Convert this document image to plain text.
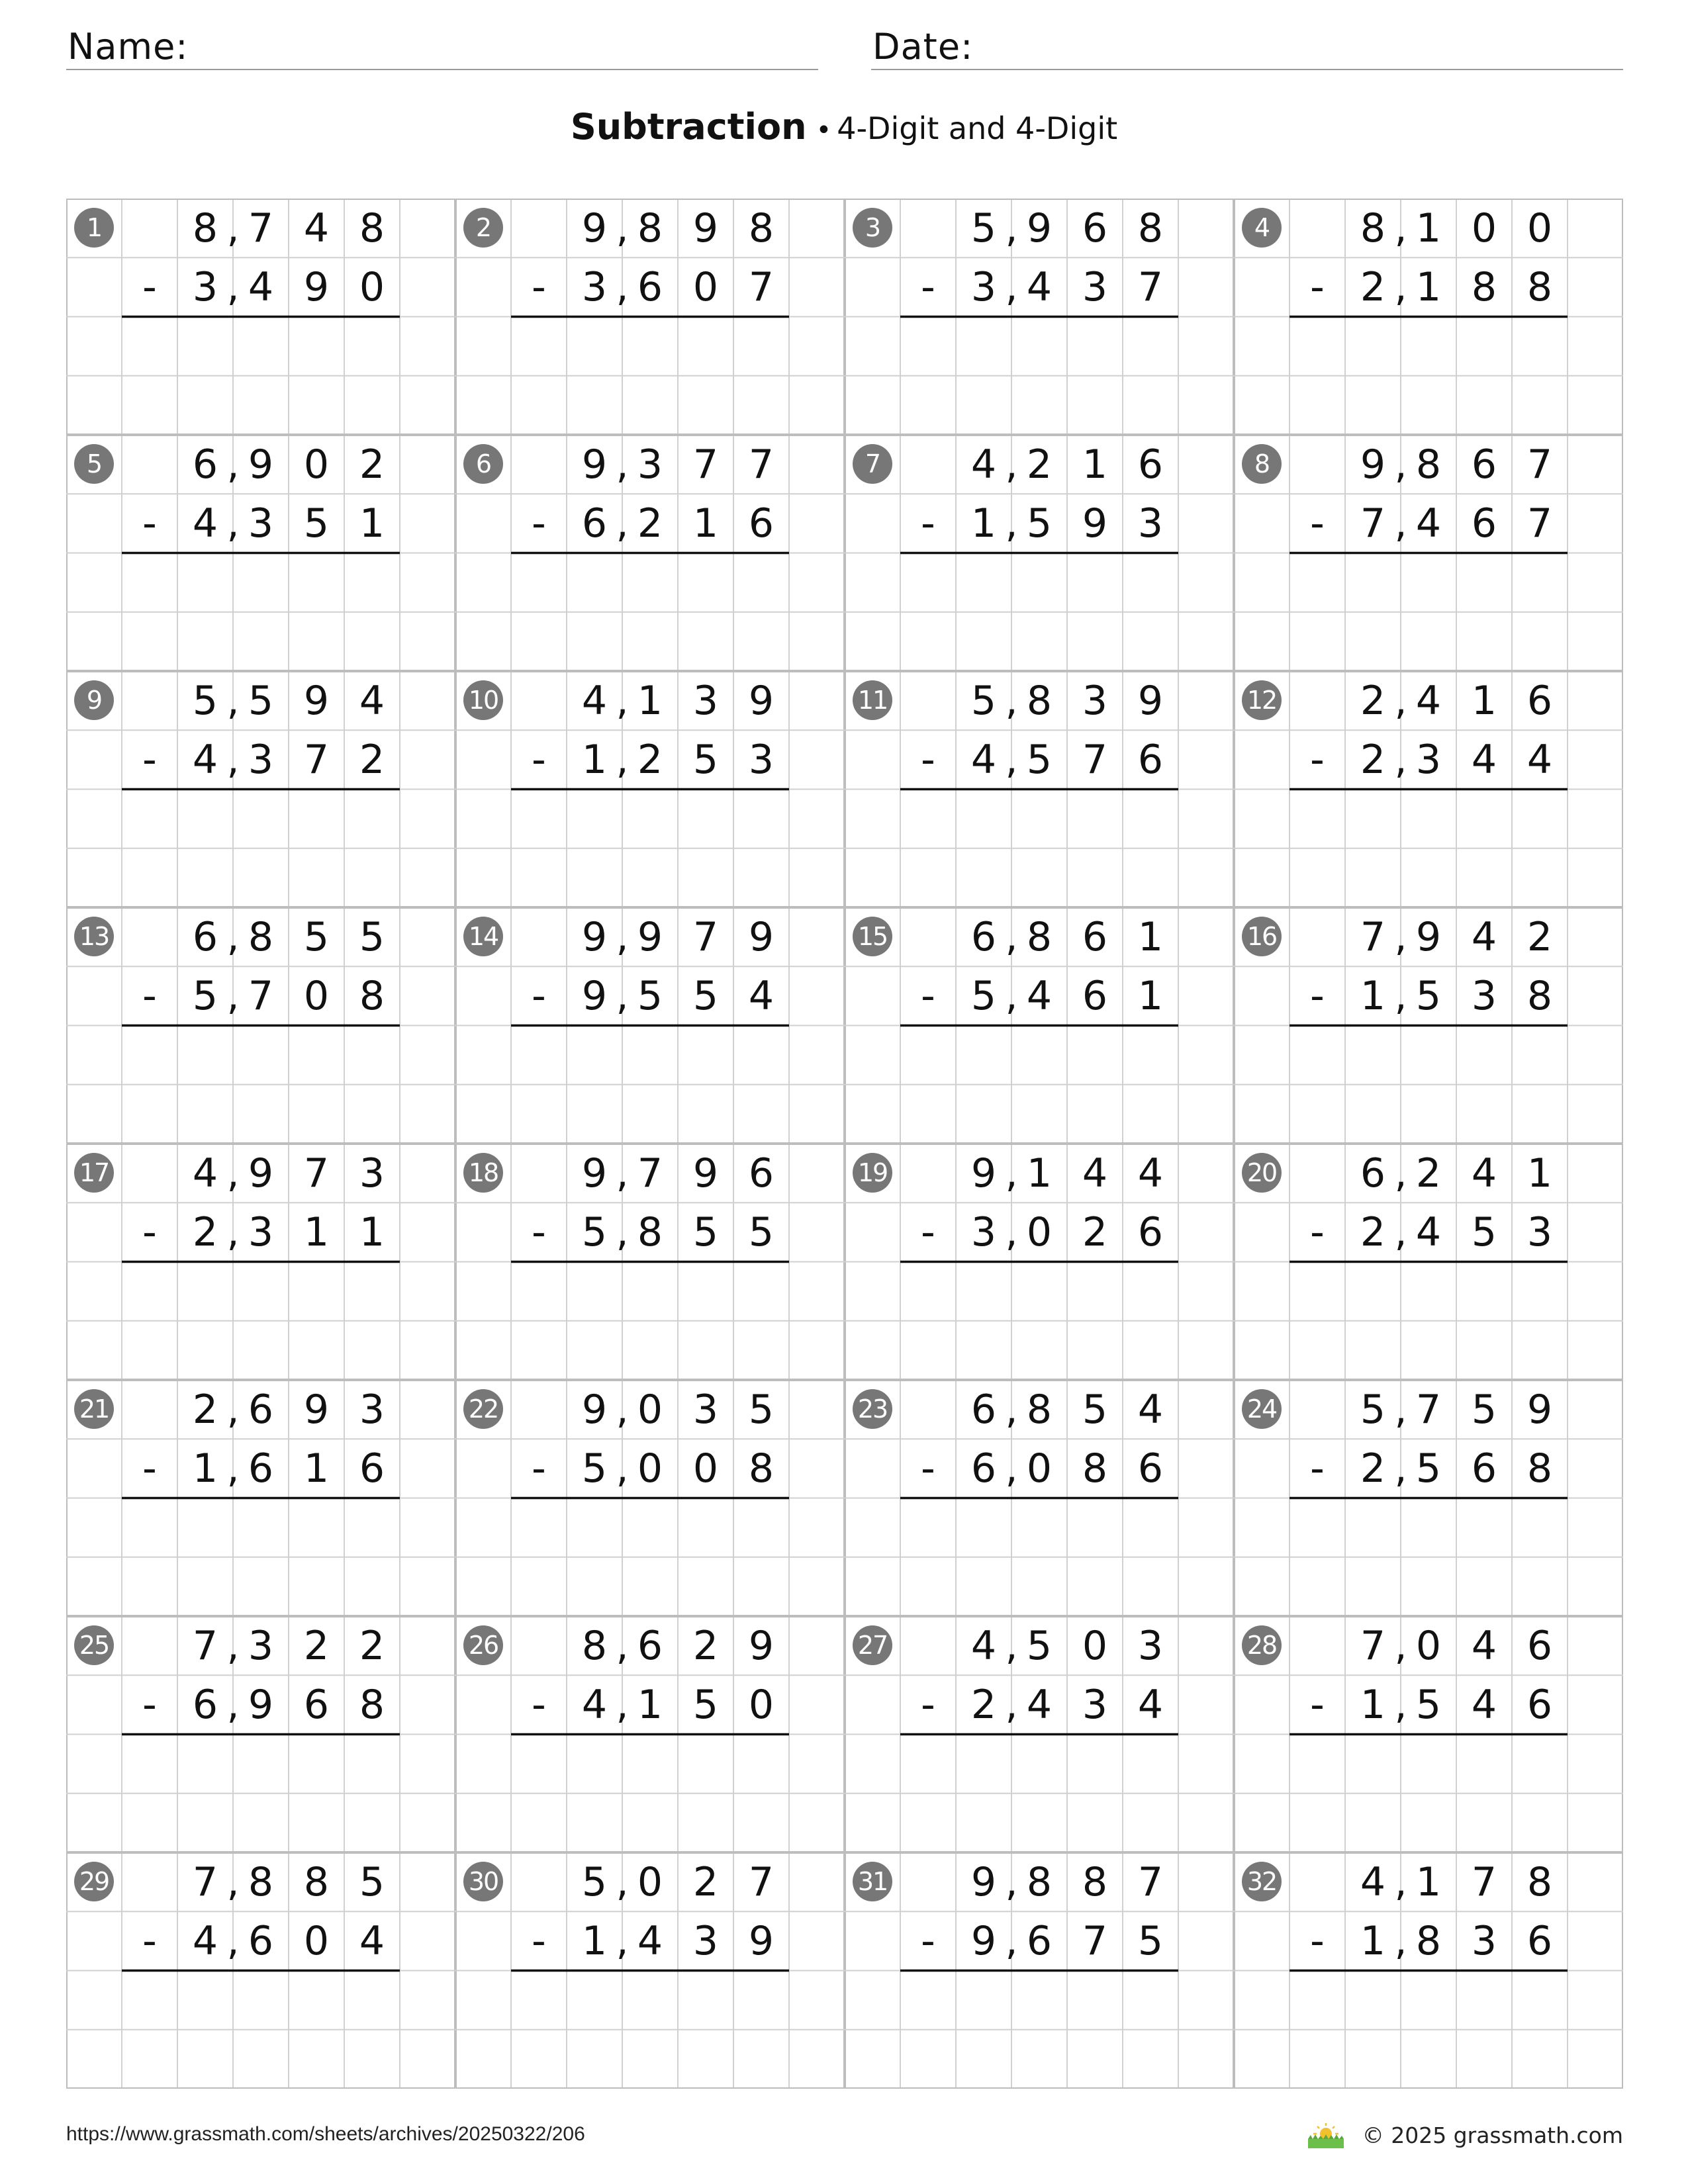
Name:	Date:
Subtraction • 4-Digit and 4-Digit
1	8 , 7 4 8
3 , 4 9 0
-
2	9 , 8 9 8
3 , 6 0 7
-
3	5 , 9 6 8
3 , 4 3 7
-
4	8 , 1 0 0
2 , 1 8 8
-
5	6 , 9 0 2
4 , 3 5 1
-
6	9 , 3 7 7
6 , 2 1 6
-
7	4 , 2 1 6
1 , 5 9 3
-
8	9 , 8 6 7
7 , 4 6 7
-
9	5 , 5 9 4
4 , 3 7 2
-
10	4 , 1 3 9
1 , 2 5 3
-
11	5 , 8 3 9
4 , 5 7 6
-
12	2 , 4 1 6
2 , 3 4 4
-
13	6 , 8 5 5
5 , 7 0 8
-
14	9 , 9 7 9
9 , 5 5 4
-
15	6 , 8 6 1
5 , 4 6 1
-
16	7 , 9 4 2
1 , 5 3 8
-
17	4 , 9 7 3
2 , 3 1 1
-
18	9 , 7 9 6
5 , 8 5 5
-
19	9 , 1 4 4
3 , 0 2 6
-
20	6 , 2 4 1
2 , 4 5 3
-
21	2 , 6 9 3
1 , 6 1 6
-
22	9 , 0 3 5
5 , 0 0 8
-
23	6 , 8 5 4
6 , 0 8 6
-
24	5 , 7 5 9
2 , 5 6 8
-
25	7 , 3 2 2
6 , 9 6 8
-
26	8 , 6 2 9
4 , 1 5 0
-
27	4 , 5 0 3
2 , 4 3 4
-
28	7 , 0 4 6
1 , 5 4 6
-
29	7 , 8 8 5
4 , 6 0 4
-
30	5 , 0 2 7
1 , 4 3 9
-
31	9 , 8 8 7
9 , 6 7 5
-
32	4 , 1 7 8
1 , 8 3 6
-
https://www.grassmath.com/sheets/archives/20250322/206	© 2025 grassmath.com
